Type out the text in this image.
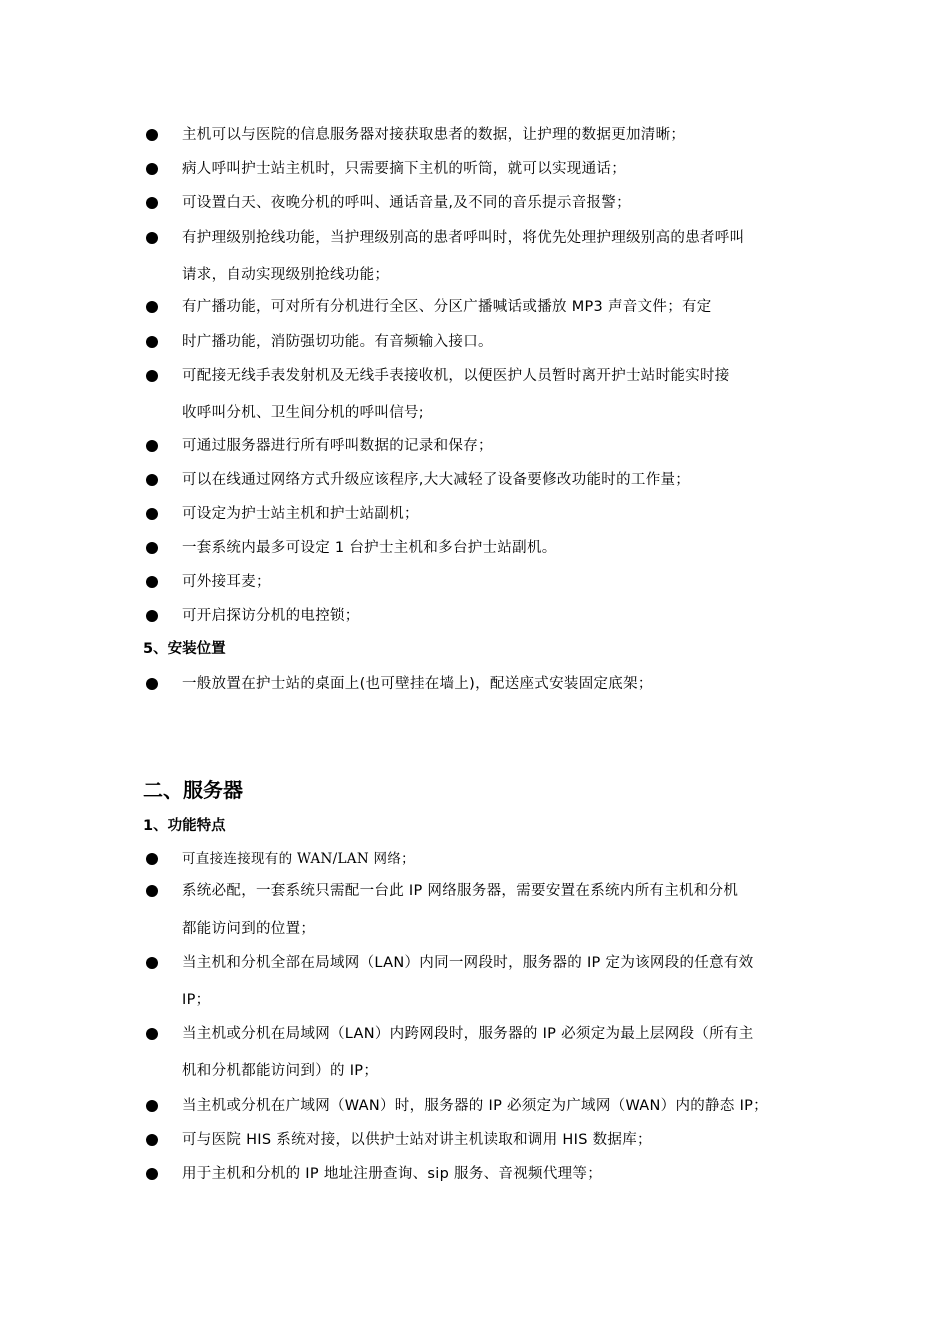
主机可以与医院的信息服务器对接获取患者的数据，让护理的数据更加清晰；
病人呼叫护士站主机时，只需要摘下主机的听筒，就可以实现通话；
可设置白天、夜晚分机的呼叫、通话音量,及不同的音乐提示音报警；
有护理级别抢线功能，当护理级别高的患者呼叫时，将优先处理护理级别高的患者呼叫
请求，自动实现级别抢线功能；
有广播功能，可对所有分机进行全区、分区广播喊话或播放 MP3 声音文件；有定
时广播功能，消防强切功能。有音频输入接口。
可配接无线手表发射机及无线手表接收机，以便医护人员暂时离开护士站时能实时接
收呼叫分机、卫生间分机的呼叫信号;
可通过服务器进行所有呼叫数据的记录和保存；
可以在线通过网络方式升级应该程序,大大减轻了设备要修改功能时的工作量；
可设定为护士站主机和护士站副机；
一套系统内最多可设定 1 台护士主机和多台护士站副机。
可外接耳麦；
可开启探访分机的电控锁；
5、安装位置
一般放置在护士站的桌面上(也可壁挂在墙上)，配送座式安装固定底架；
二、服务器
1、功能特点
可直接连接现有的 WAN/LAN 网络；
系统必配，一套系统只需配一台此 IP 网络服务器，需要安置在系统内所有主机和分机
都能访问到的位置；
当主机和分机全部在局域网（LAN）内同一网段时，服务器的 IP 定为该网段的任意有效
IP；
当主机或分机在局域网（LAN）内跨网段时，服务器的 IP 必须定为最上层网段（所有主
机和分机都能访问到）的 IP；
当主机或分机在广域网（WAN）时，服务器的 IP 必须定为广域网（WAN）内的静态 IP；
可与医院 HIS 系统对接，以供护士站对讲主机读取和调用 HIS 数据库；
用于主机和分机的 IP 地址注册查询、sip 服务、音视频代理等；
